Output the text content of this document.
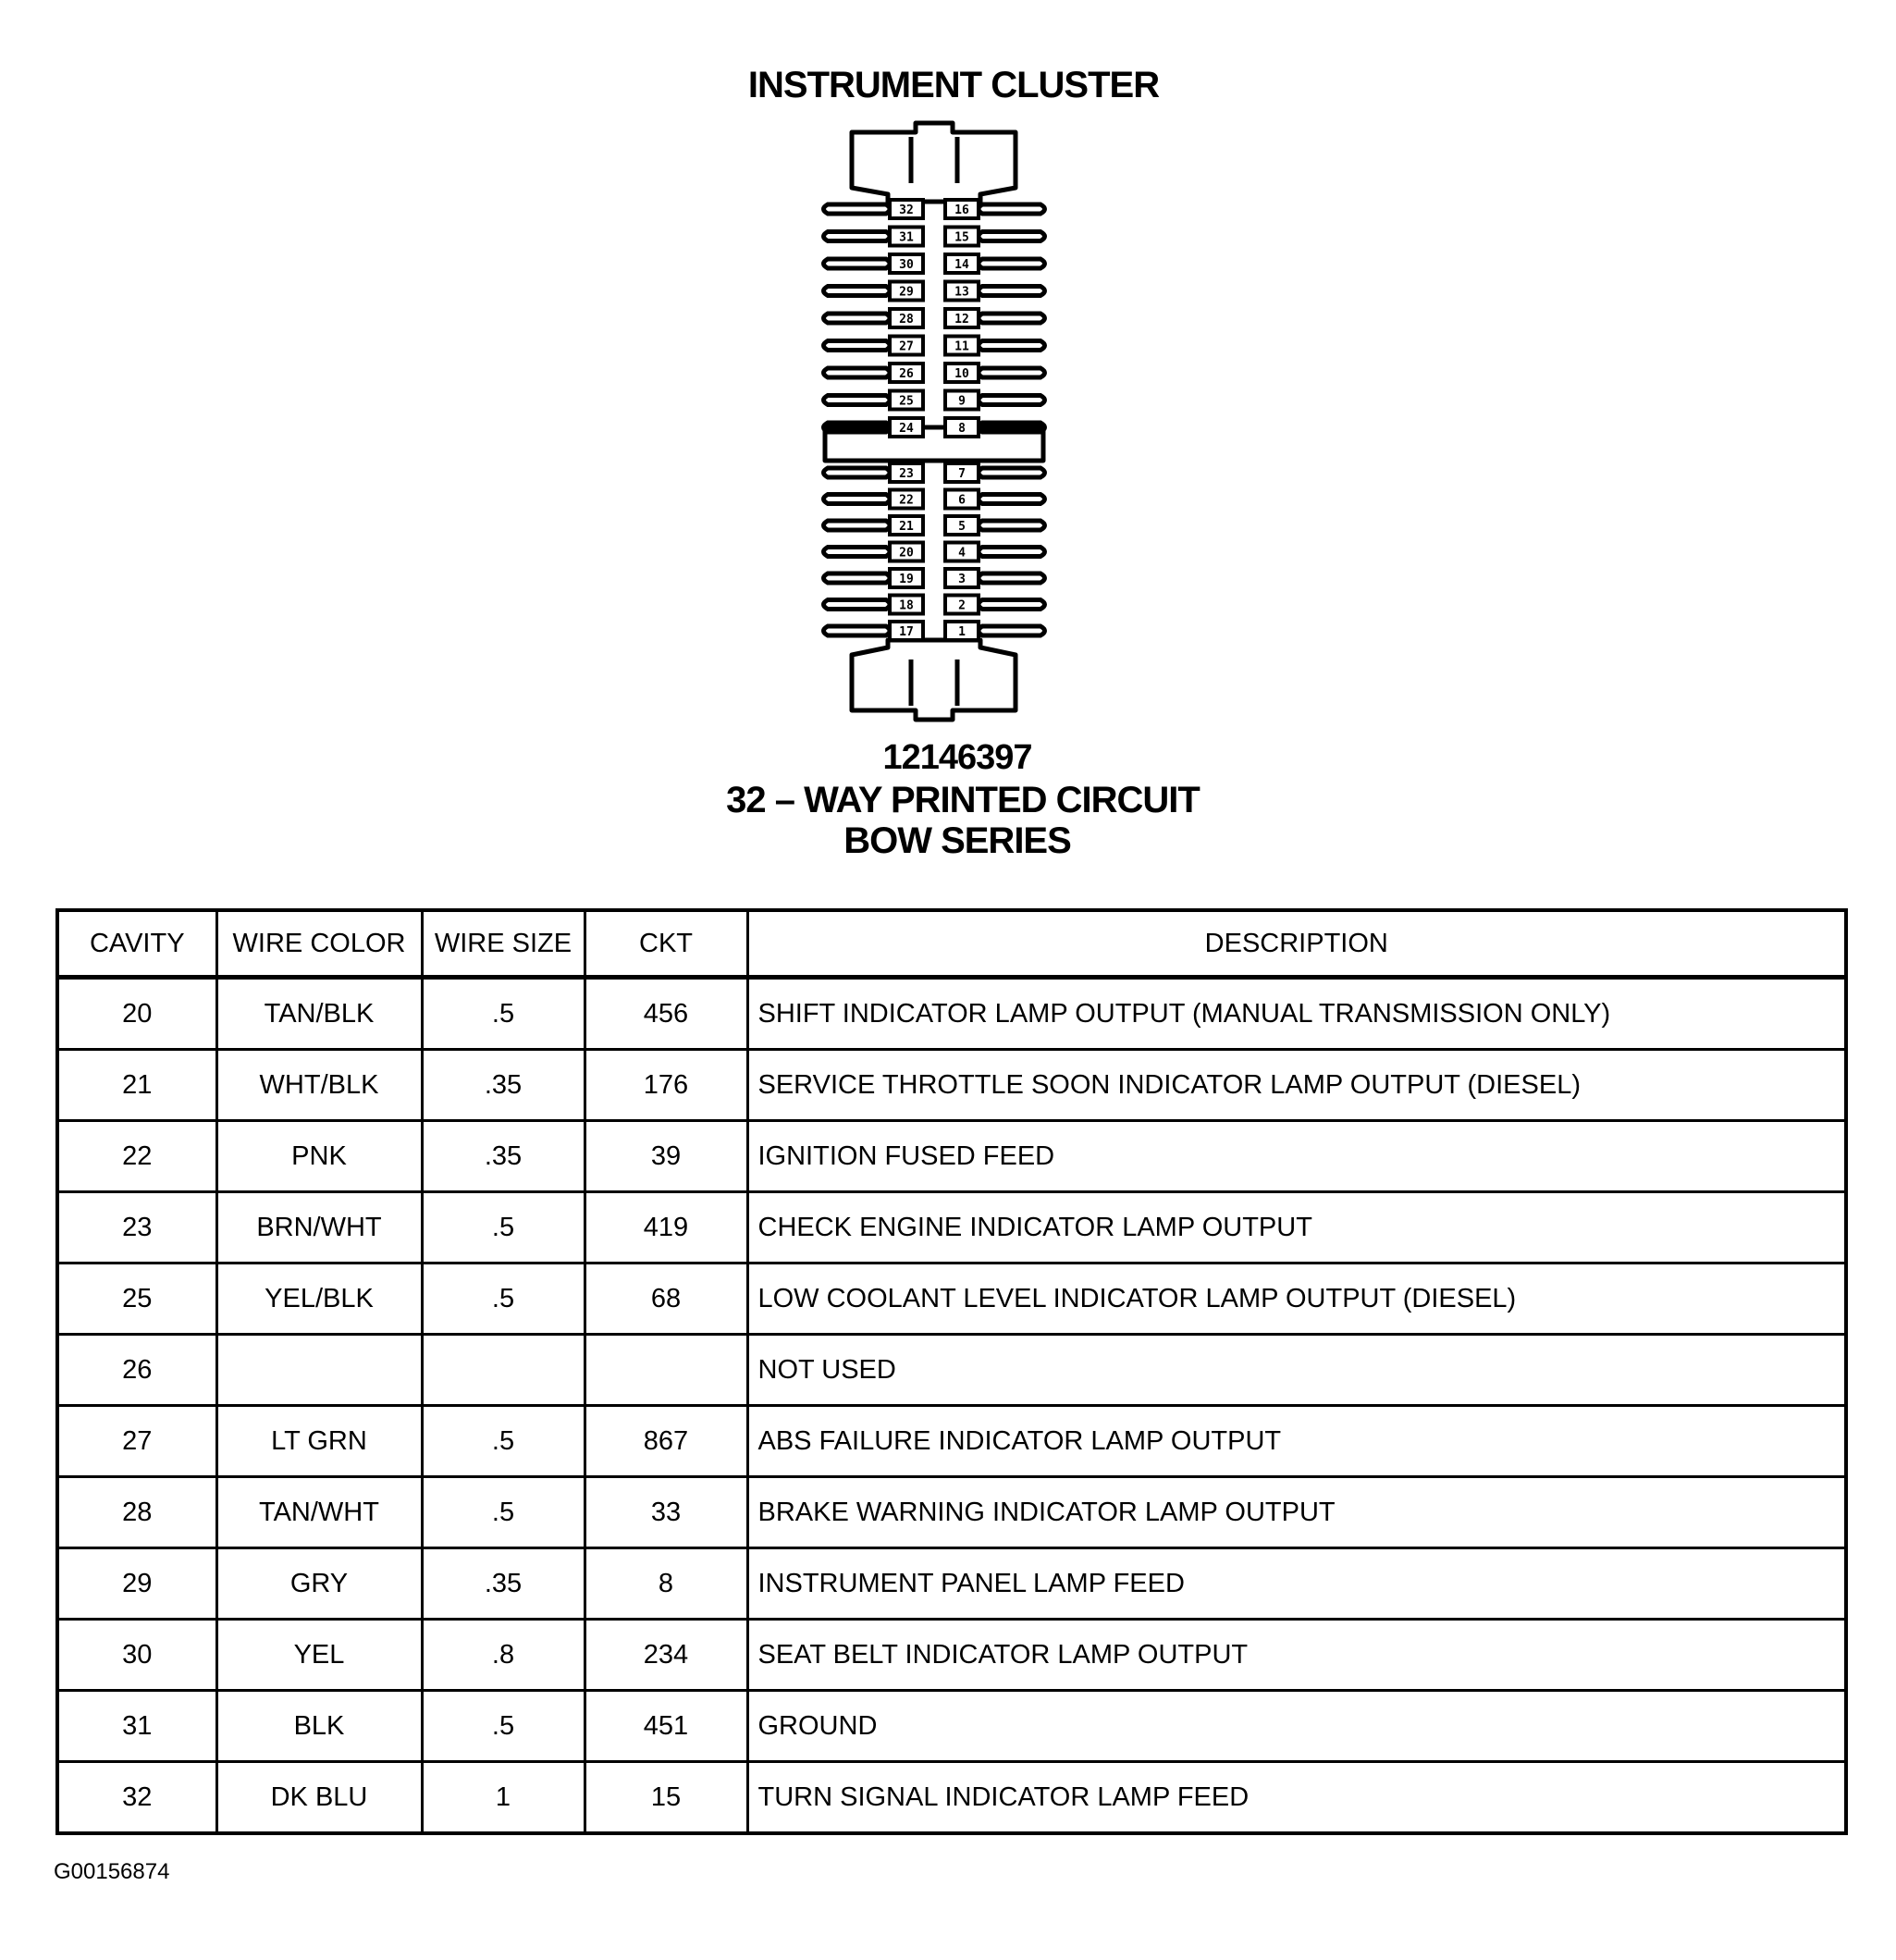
INSTRUMENT CLUSTER
32	16
31	15
30	14
29	13
28	12
27	11
26	10
25	9
24	8
23	7
22	6
21	5
20	4
19	3
18	2
17	1
12146397
32 – WAY PRINTED CIRCUIT
BOW SERIES
CAVITY	WIRE COLOR	WIRE SIZE	CKT	DESCRIPTION
20	TAN/BLK	.5	456	SHIFT INDICATOR LAMP OUTPUT (MANUAL TRANSMISSION ONLY)
21	WHT/BLK	.35	176	SERVICE THROTTLE SOON INDICATOR LAMP OUTPUT (DIESEL)
22	PNK	.35	39	IGNITION FUSED FEED
23	BRN/WHT	.5	419	CHECK ENGINE INDICATOR LAMP OUTPUT
25	YEL/BLK	.5	68	LOW COOLANT LEVEL INDICATOR LAMP OUTPUT (DIESEL)
26				NOT USED
27	LT GRN	.5	867	ABS FAILURE INDICATOR LAMP OUTPUT
28	TAN/WHT	.5	33	BRAKE WARNING INDICATOR LAMP OUTPUT
29	GRY	.35	8	INSTRUMENT PANEL LAMP FEED
30	YEL	.8	234	SEAT BELT INDICATOR LAMP OUTPUT
31	BLK	.5	451	GROUND
32	DK BLU	1	15	TURN SIGNAL INDICATOR LAMP FEED
G00156874
